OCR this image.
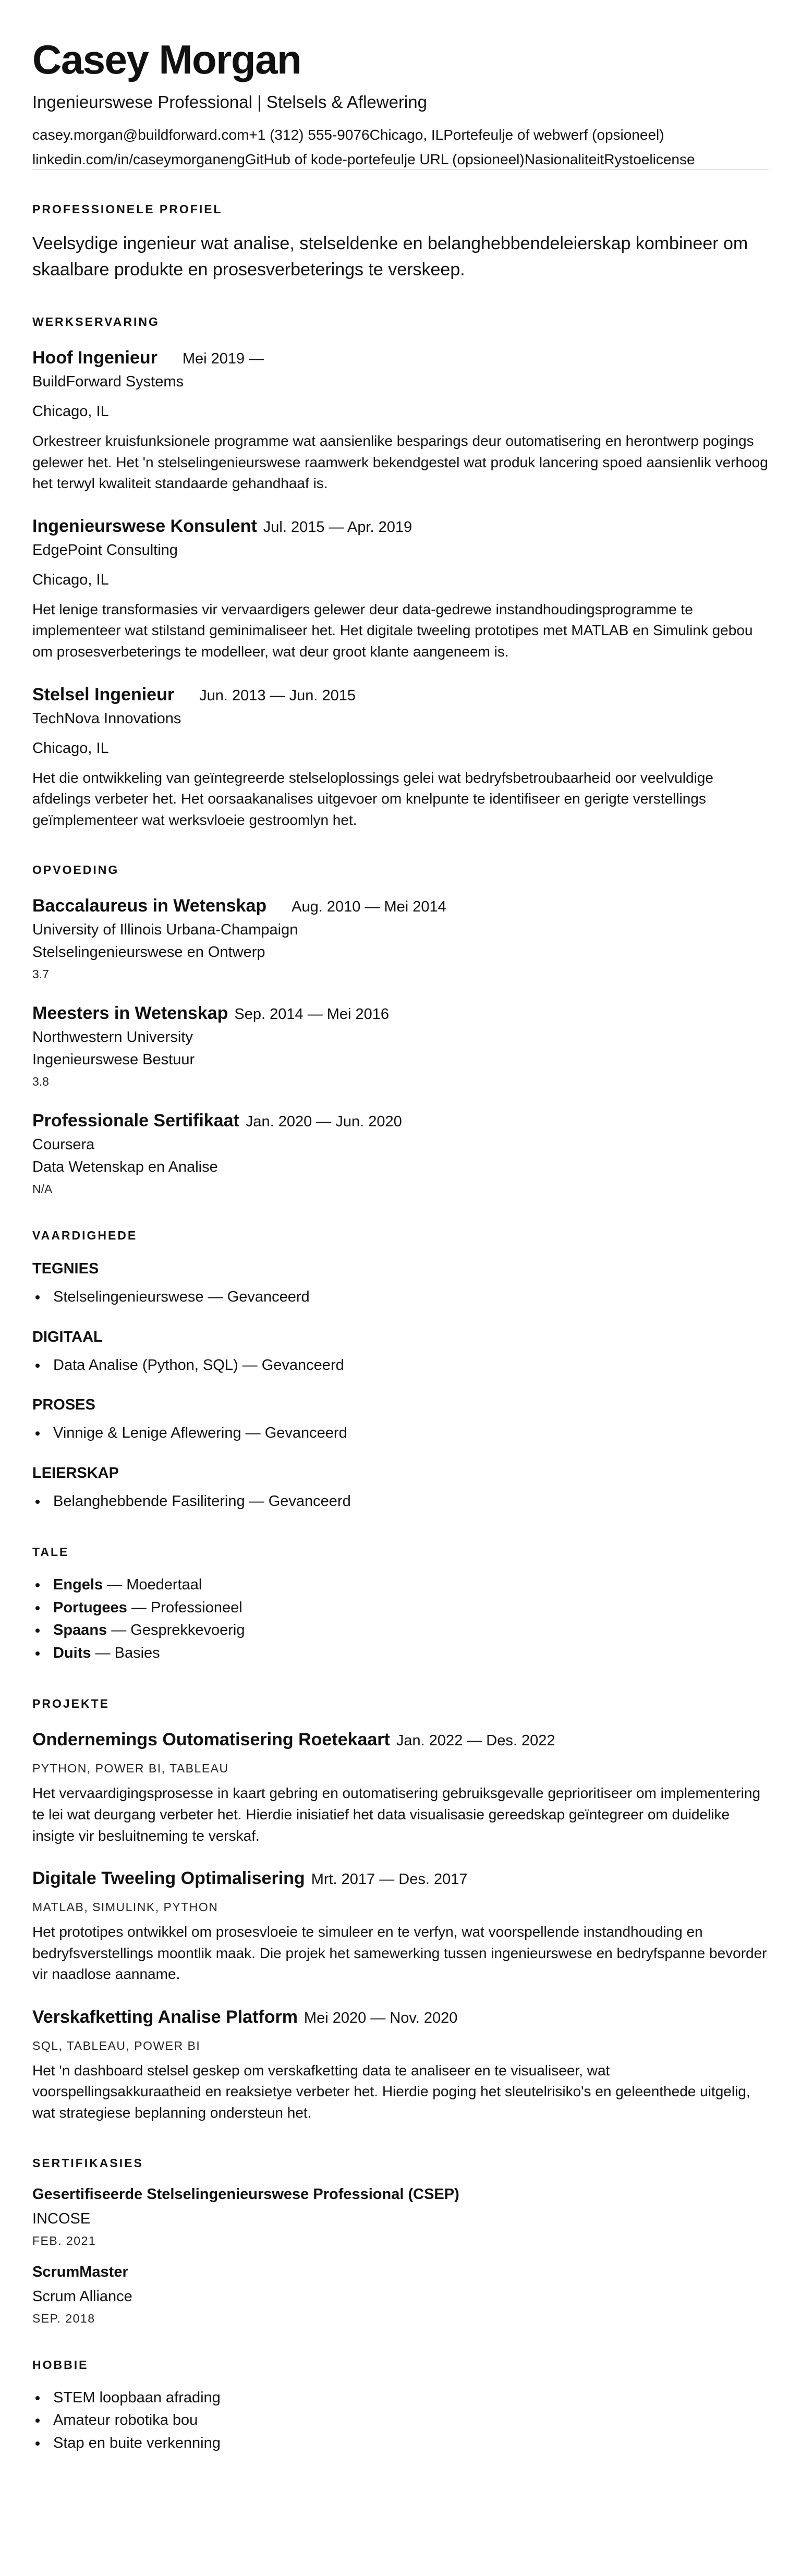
Casey Morgan
Ingenieurswese Professional | Stelsels & Aflewering
casey.morgan@buildforward.com+1 (312) 555-9076Chicago, ILPortefeulje of webwerf (opsioneel)
linkedin.com/in/caseymorganengGitHub of kode-portefeulje URL (opsioneel)NasionaliteitRystoelicense
PROFESSIONELE PROFIEL

Veelsydige ingenieur wat analise, stelseldenke en belanghebbendeleierskap kombineer om skaalbare produkte en prosesverbeterings te verskeep.

WERKSERVARING
Hoof Ingenieur Mei 2019 —
BuildForward Systems
Chicago, IL

Orkestreer kruisfunksionele programme wat aansienlike besparings deur outomatisering en herontwerp pogings gelewer het. Het 'n stelselingenieurswese raamwerk bekendgestel wat produk lancering spoed aansienlik verhoog het terwyl kwaliteit standaarde gehandhaaf is.

Ingenieurswese Konsulent Jul. 2015 — Apr. 2019
EdgePoint Consulting
Chicago, IL

Het lenige transformasies vir vervaardigers gelewer deur data-gedrewe instandhoudingsprogramme te implementeer wat stilstand geminimaliseer het. Het digitale tweeling prototipes met MATLAB en Simulink gebou om prosesverbeterings te modelleer, wat deur groot klante aangeneem is.

Stelsel Ingenieur Jun. 2013 — Jun. 2015
TechNova Innovations
Chicago, IL

Het die ontwikkeling van geïntegreerde stelseloplossings gelei wat bedryfsbetroubaarheid oor veelvuldige afdelings verbeter het. Het oorsaakanalises uitgevoer om knelpunte te identifiseer en gerigte verstellings geïmplementeer wat werksvloeie gestroomlyn het.

OPVOEDING
Baccalaureus in Wetenskap Aug. 2010 — Mei 2014
University of Illinois Urbana-Champaign
Stelselingenieurswese en Ontwerp
3.7
Meesters in Wetenskap Sep. 2014 — Mei 2016
Northwestern University
Ingenieurswese Bestuur
3.8
Professionale Sertifikaat Jan. 2020 — Jun. 2020
Coursera
Data Wetenskap en Analise
N/A
VAARDIGHEDE
TEGNIES
Stelselingenieurswese — Gevanceerd
DIGITAAL
Data Analise (Python, SQL) — Gevanceerd
PROSES
Vinnige & Lenige Aflewering — Gevanceerd
LEIERSKAP
Belanghebbende Fasilitering — Gevanceerd
TALE
Engels — Moedertaal
Portugees — Professioneel
Spaans — Gesprekkevoerig
Duits — Basies
PROJEKTE
Ondernemings Outomatisering Roetekaart Jan. 2022 — Des. 2022
PYTHON, POWER BI, TABLEAU

Het vervaardigingsprosesse in kaart gebring en outomatisering gebruiksgevalle geprioritiseer om implementering te lei wat deurgang verbeter het. Hierdie inisiatief het data visualisasie gereedskap geïntegreer om duidelike insigte vir besluitneming te verskaf.

Digitale Tweeling Optimalisering Mrt. 2017 — Des. 2017
MATLAB, SIMULINK, PYTHON

Het prototipes ontwikkel om prosesvloeie te simuleer en te verfyn, wat voorspellende instandhouding en bedryfsverstellings moontlik maak. Die projek het samewerking tussen ingenieurswese en bedryfspanne bevorder vir naadlose aanname.

Verskafketting Analise Platform Mei 2020 — Nov. 2020
SQL, TABLEAU, POWER BI

Het 'n dashboard stelsel geskep om verskafketting data te analiseer en te visualiseer, wat voorspellingsakkuraatheid en reaksietye verbeter het. Hierdie poging het sleutelrisiko's en geleenthede uitgelig, wat strategiese beplanning ondersteun het.

SERTIFIKASIES
Gesertifiseerde Stelselingenieurswese Professional (CSEP)
INCOSE
FEB. 2021
ScrumMaster
Scrum Alliance
SEP. 2018
HOBBIE
STEM loopbaan afrading
Amateur robotika bou
Stap en buite verkenning
